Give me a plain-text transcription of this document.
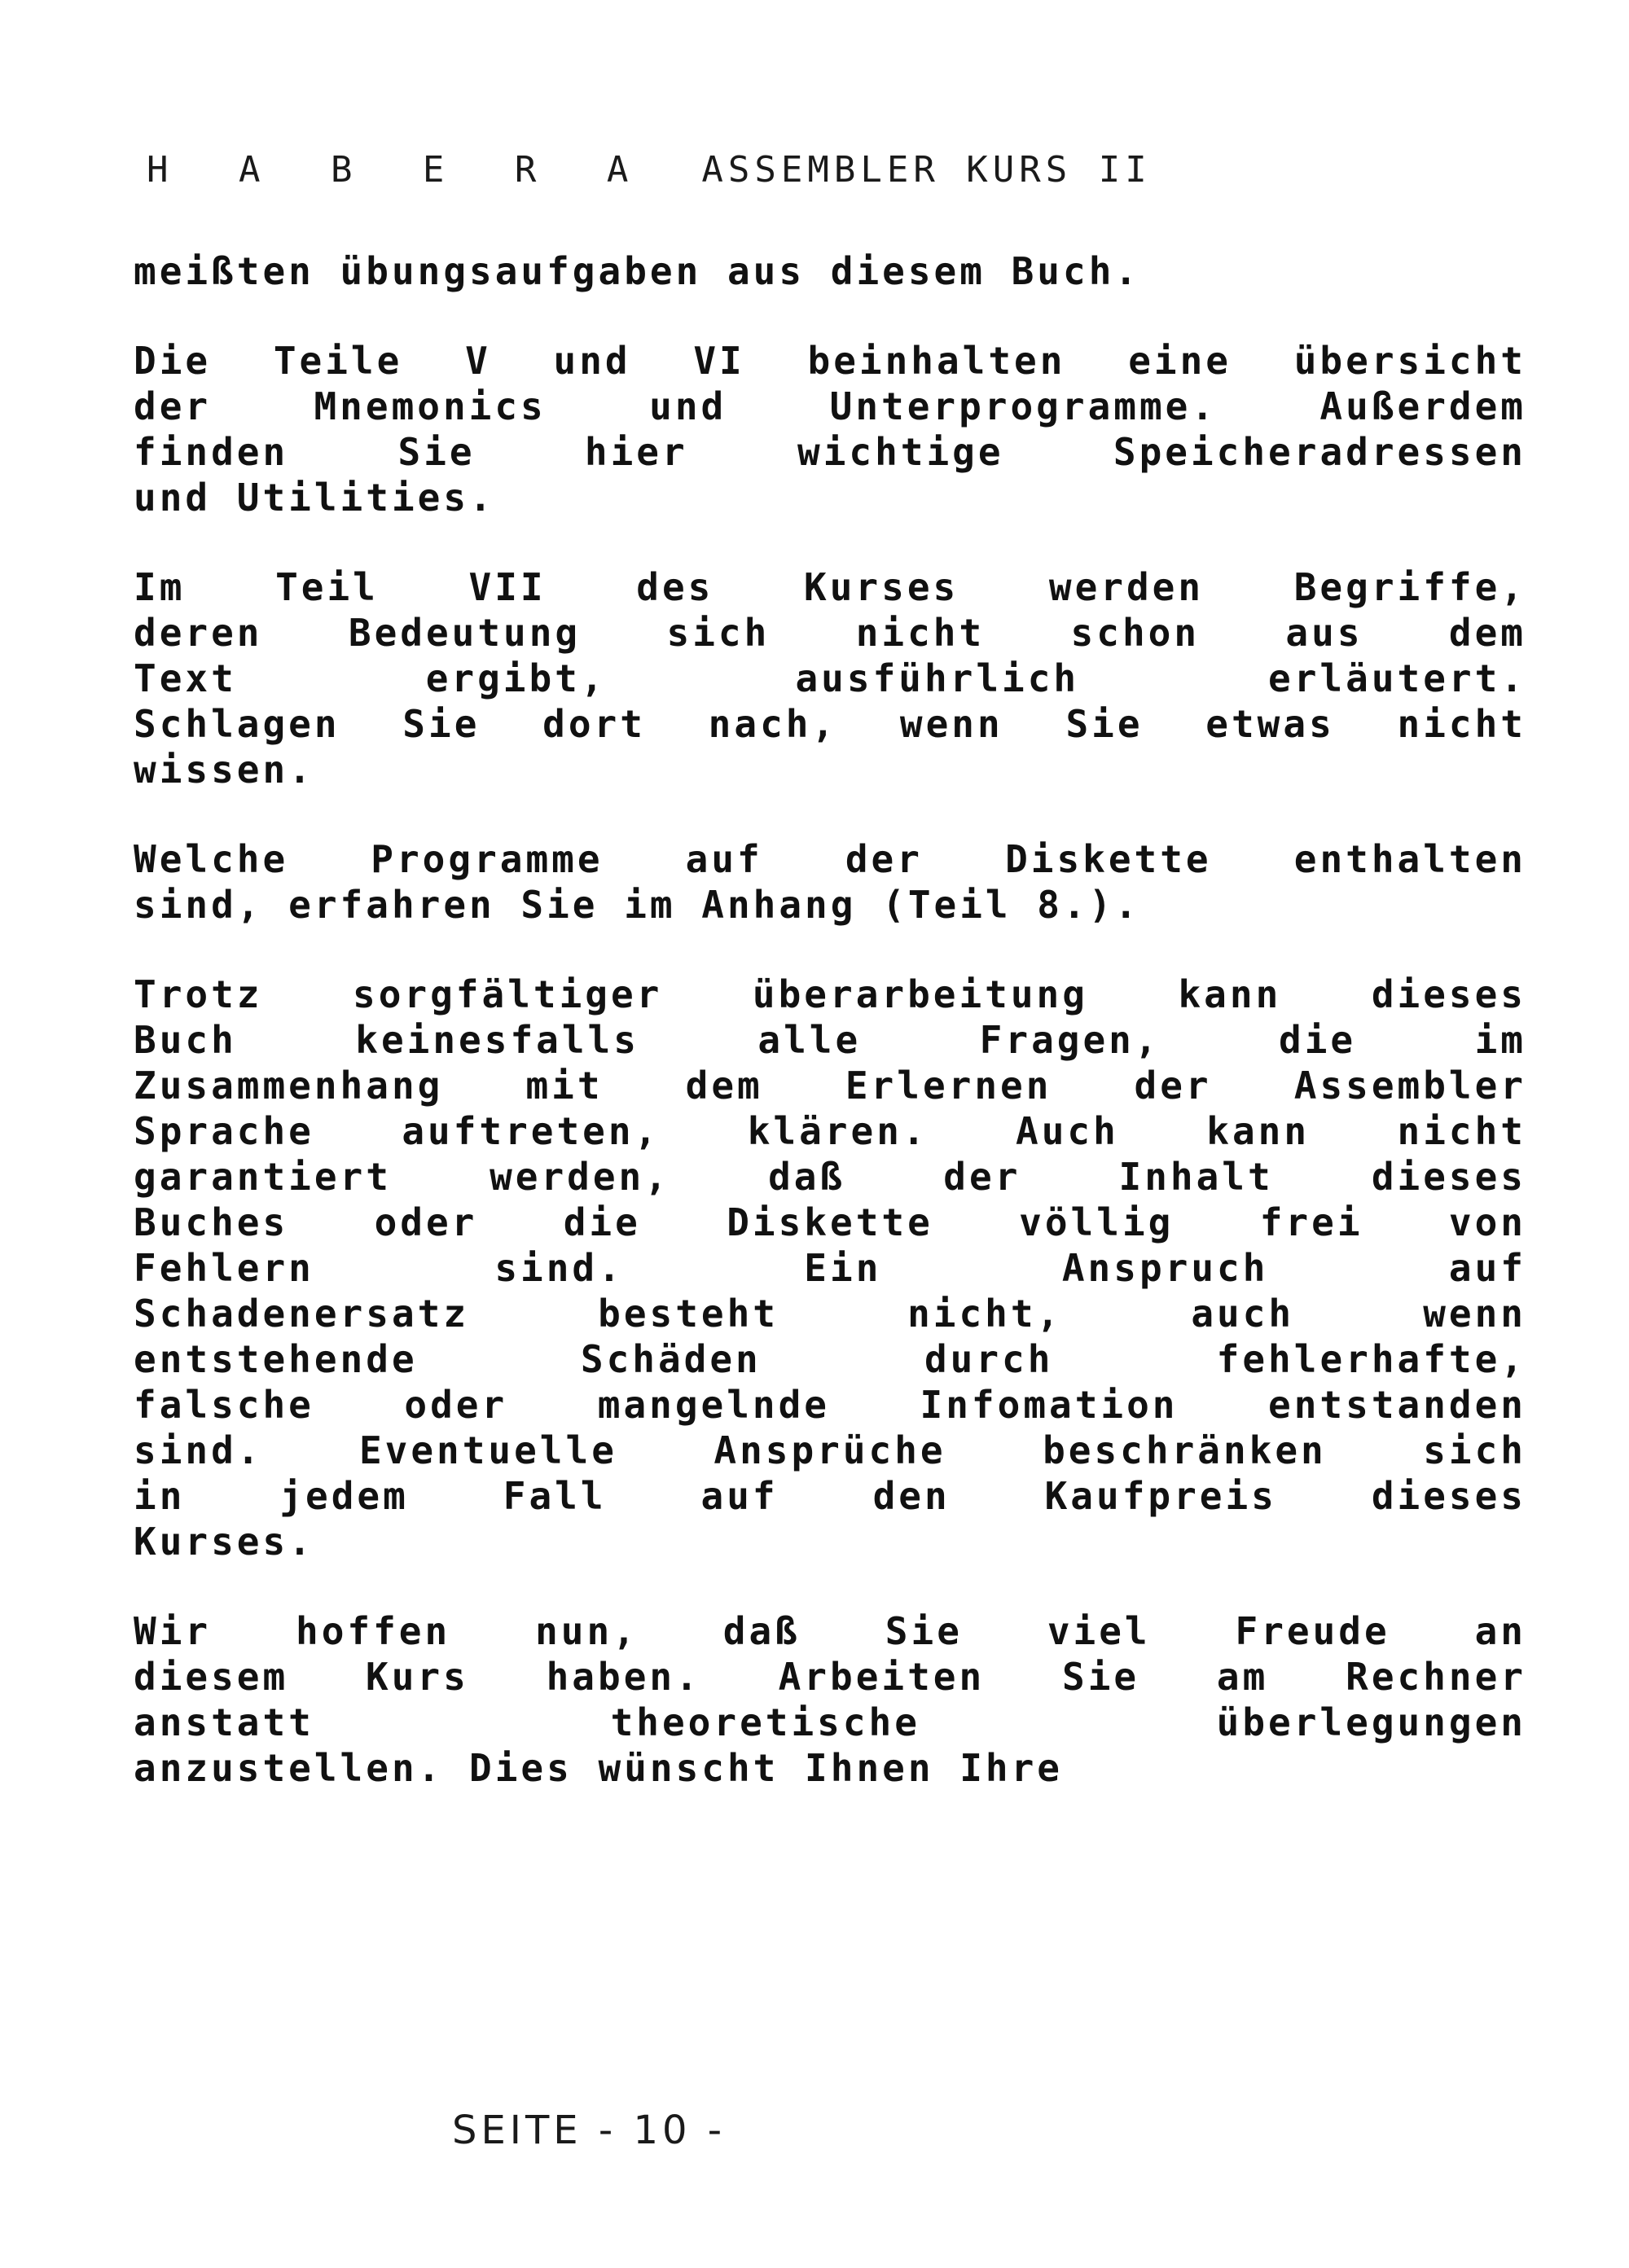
H A B E R A ASSEMBLER KURS II

meißten übungsaufgaben aus diesem Buch.

Die Teile V und VI beinhalten eine übersicht
der Mnemonics und Unterprogramme. Außerdem
finden Sie hier wichtige Speicheradressen
und Utilities.

Im Teil VII des Kurses werden Begriffe,
deren Bedeutung sich nicht schon aus dem
Text ergibt, ausführlich erläutert.
Schlagen Sie dort nach, wenn Sie etwas nicht
wissen.

Welche Programme auf der Diskette enthalten
sind, erfahren Sie im Anhang (Teil 8.).

Trotz sorgfältiger überarbeitung kann dieses
Buch keinesfalls alle Fragen, die im
Zusammenhang mit dem Erlernen der Assembler
Sprache auftreten, klären. Auch kann nicht
garantiert werden, daß der Inhalt dieses
Buches oder die Diskette völlig frei von
Fehlern sind. Ein Anspruch auf
Schadenersatz besteht nicht, auch wenn
entstehende Schäden durch fehlerhafte,
falsche oder mangelnde Infomation entstanden
sind. Eventuelle Ansprüche beschränken sich
in jedem Fall auf den Kaufpreis dieses
Kurses.

Wir hoffen nun, daß Sie viel Freude an
diesem Kurs haben. Arbeiten Sie am Rechner
anstatt theoretische überlegungen
anzustellen. Dies wünscht Ihnen Ihre

SEITE - 10 -
